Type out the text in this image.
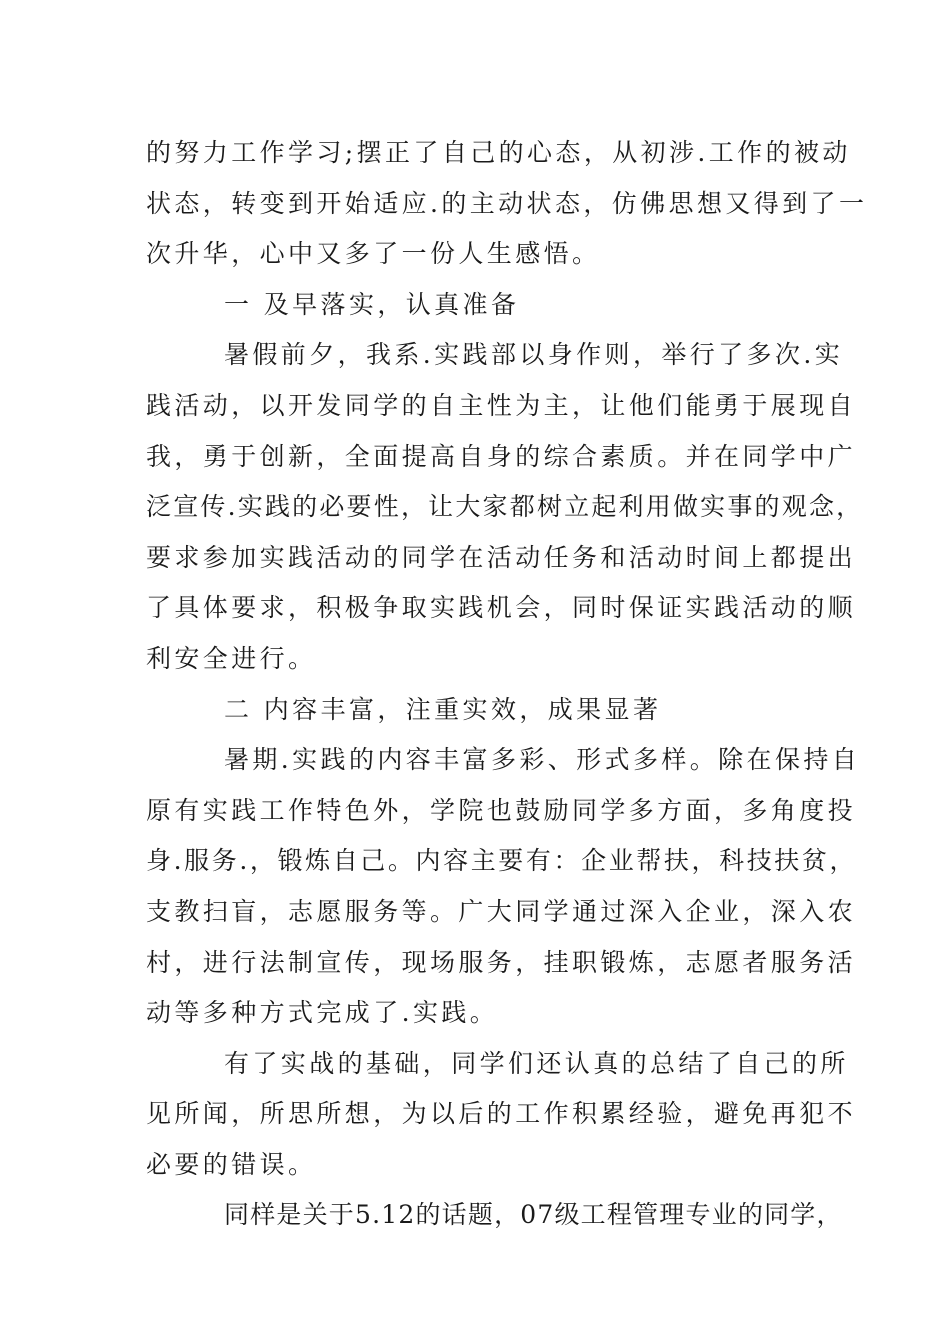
的努力工作学习;摆正了自己的心态，从初涉.工作的被动
状态，转变到开始适应.的主动状态，仿佛思想又得到了一
次升华，心中又多了一份人生感悟。
一 及早落实，认真准备
暑假前夕，我系.实践部以身作则，举行了多次.实
践活动，以开发同学的自主性为主，让他们能勇于展现自
我，勇于创新，全面提高自身的综合素质。并在同学中广
泛宣传.实践的必要性，让大家都树立起利用做实事的观念，
要求参加实践活动的同学在活动任务和活动时间上都提出
了具体要求，积极争取实践机会，同时保证实践活动的顺
利安全进行。
二 内容丰富，注重实效，成果显著
暑期.实践的内容丰富多彩、形式多样。除在保持自
原有实践工作特色外，学院也鼓励同学多方面，多角度投
身.服务.，锻炼自己。内容主要有：企业帮扶，科技扶贫，
支教扫盲，志愿服务等。广大同学通过深入企业，深入农
村，进行法制宣传，现场服务，挂职锻炼，志愿者服务活
动等多种方式完成了.实践。
有了实战的基础，同学们还认真的总结了自己的所
见所闻，所思所想，为以后的工作积累经验，避免再犯不
必要的错误。
同样是关于5.12的话题，07级工程管理专业的同学，
